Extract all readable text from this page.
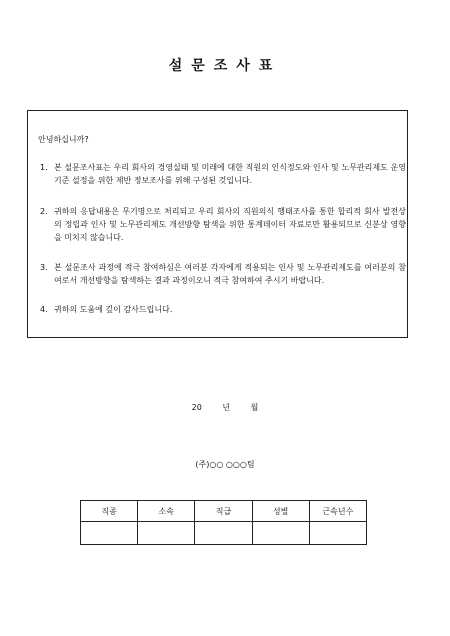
설문조사표
안녕하십니까?
1. 본 설문조사표는 우리 회사의 경영실태 및 미래에 대한 직원의 인식정도와 인사 및 노무관리제도 운영기준 설정을 위한 제반 정보조사를 위해 구성된 것입니다.
2. 귀하의 응답내용은 무기명으로 처리되고 우리 회사의 직원의식 행태조사를 통한 합리적 회사 발전상의 정립과 인사 및 노무관리제도 개선방향 탐색을 위한 통계데이터 자료로만 활용되므로 신분상 영향을 미치지 않습니다.
3. 본 설문조사 과정에 적극 참여하심은 여러분 각자에게 적용되는 인사 및 노무관리제도를 여러분의 참여로서 개선방향을 탐색하는 결과 과정이오니 적극 참여하여 주시기 바랍니다.
4. 귀하의 도움에 깊이 감사드립니다.
20 년 월
(주)○○ ○○○팀
직종	소속	직급	성별	근속년수
